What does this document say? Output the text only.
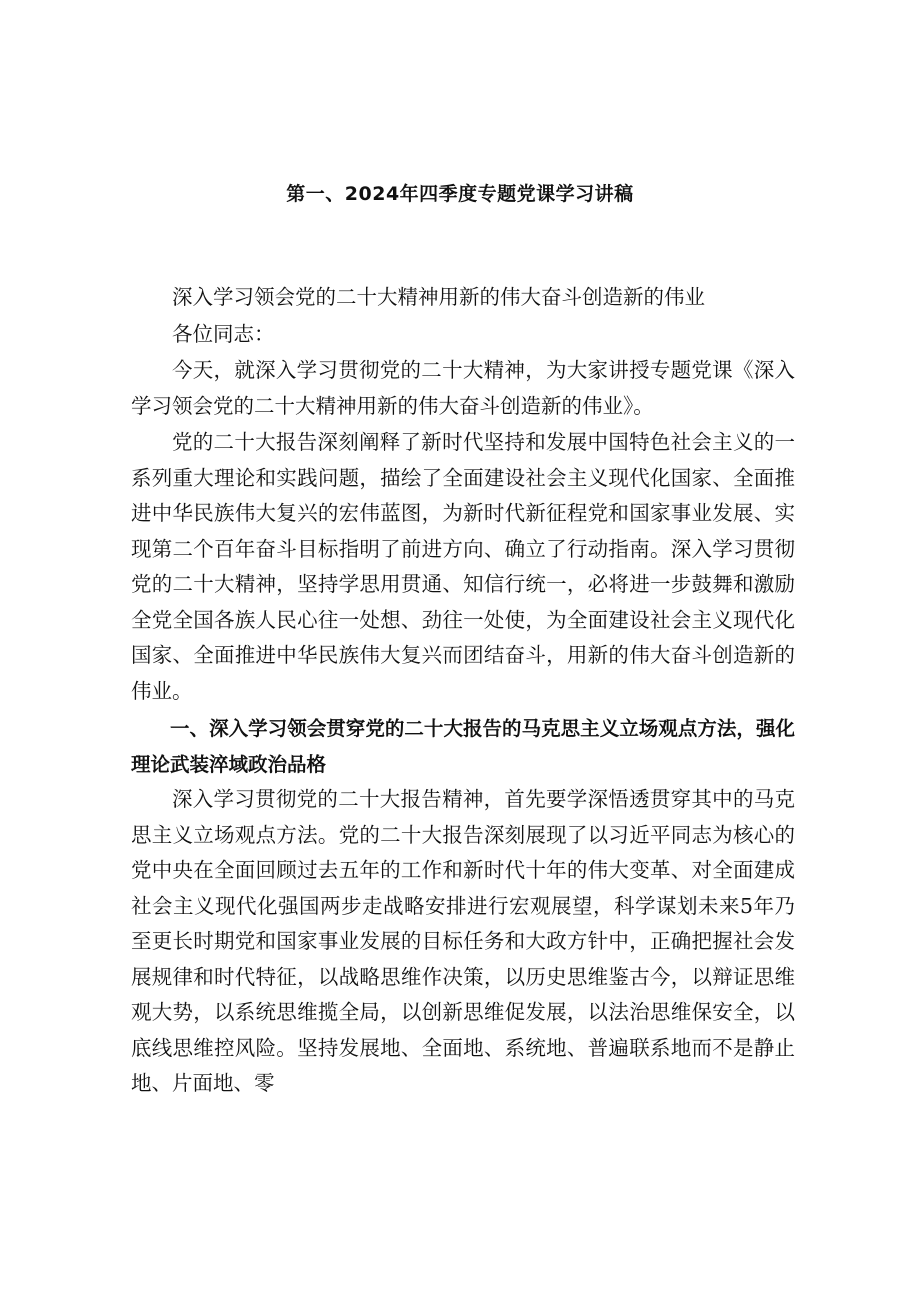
第一、2024年四季度专题党课学习讲稿

深入学习领会党的二十大精神用新的伟大奋斗创造新的伟业

各位同志：

今天，就深入学习贯彻党的二十大精神，为大家讲授专题党课《深入学习领会党的二十大精神用新的伟大奋斗创造新的伟业》。

党的二十大报告深刻阐释了新时代坚持和发展中国特色社会主义的一系列重大理论和实践问题，描绘了全面建设社会主义现代化国家、全面推进中华民族伟大复兴的宏伟蓝图，为新时代新征程党和国家事业发展、实现第二个百年奋斗目标指明了前进方向、确立了行动指南。深入学习贯彻党的二十大精神，坚持学思用贯通、知信行统一，必将进一步鼓舞和激励全党全国各族人民心往一处想、劲往一处使，为全面建设社会主义现代化国家、全面推进中华民族伟大复兴而团结奋斗，用新的伟大奋斗创造新的伟业。

一、深入学习领会贯穿党的二十大报告的马克思主义立场观点方法，强化理论武装淬域政治品格

深入学习贯彻党的二十大报告精神，首先要学深悟透贯穿其中的马克思主义立场观点方法。党的二十大报告深刻展现了以习近平同志为核心的党中央在全面回顾过去五年的工作和新时代十年的伟大变革、对全面建成社会主义现代化强国两步走战略安排进行宏观展望，科学谋划未来5年乃至更长时期党和国家事业发展的目标任务和大政方针中，正确把握社会发展规律和时代特征，以战略思维作决策，以历史思维鉴古今，以辩证思维观大势，以系统思维揽全局，以创新思维促发展，以法治思维保安全，以底线思维控风险。坚持发展地、全面地、系统地、普遍联系地而不是静止地、片面地、零
